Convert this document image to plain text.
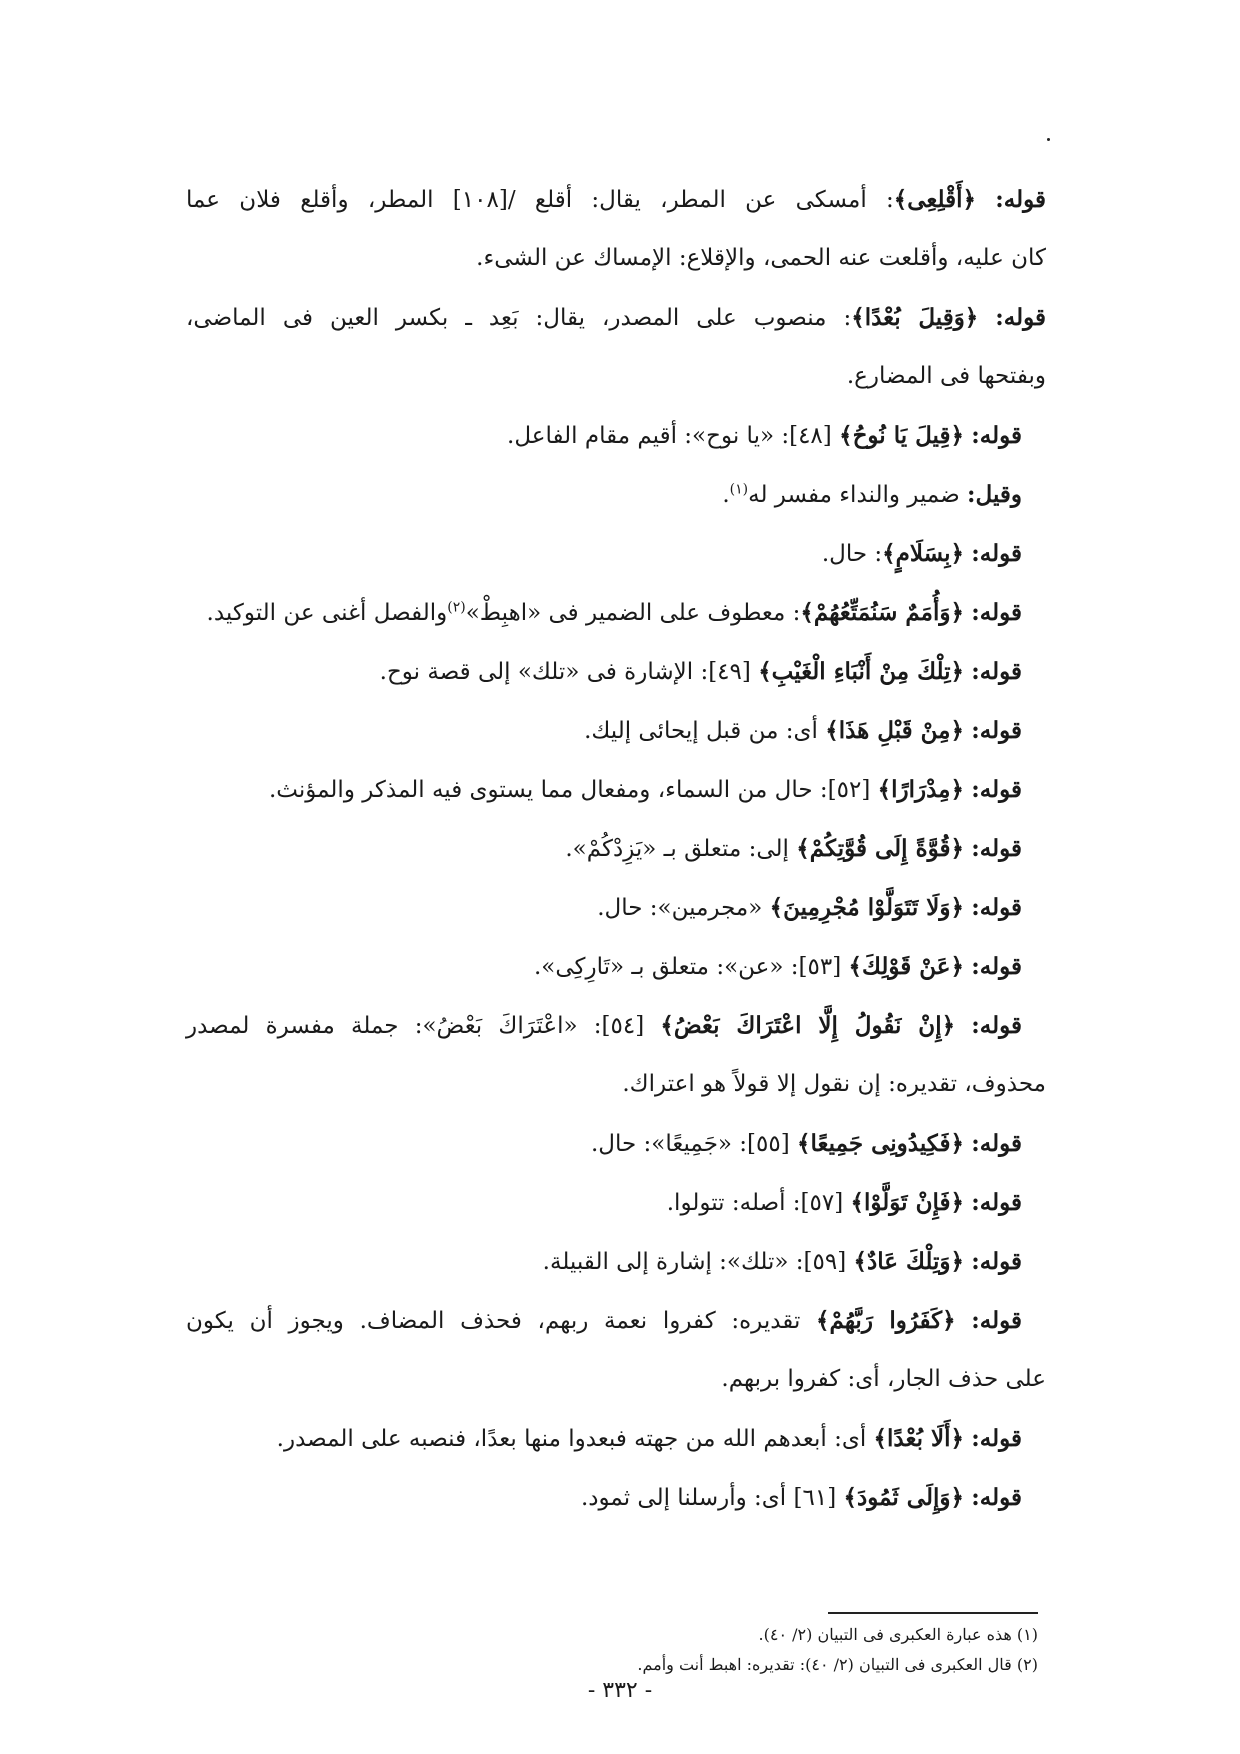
قوله: ﴿أَقْلِعِى﴾: أمسكى عن المطر، يقال: أقلع /[١٠٨] المطر، وأقلع فلان عما
كان عليه، وأقلعت عنه الحمى، والإقلاع: الإمساك عن الشىء.
قوله: ﴿وَقِيلَ بُعْدًا﴾: منصوب على المصدر، يقال: بَعِد ـ بكسر العين فى الماضى،
وبفتحها فى المضارع.
قوله: ﴿قِيلَ يَا نُوحُ﴾ [٤٨]: «يا نوح»: أقيم مقام الفاعل.
وقيل: ضمير والنداء مفسر له$^{(١)}$.
قوله: ﴿بِسَلَامٍ﴾: حال.
قوله: ﴿وَأُمَمٌ سَنُمَتِّعُهُمْ﴾: معطوف على الضمير فى «اهبِطْ»$^{(٢)}$والفصل أغنى عن التوكيد.
قوله: ﴿تِلْكَ مِنْ أَنْبَاءِ الْغَيْبِ﴾ [٤٩]: الإشارة فى «تلك» إلى قصة نوح.
قوله: ﴿مِنْ قَبْلِ هَذَا﴾ أى: من قبل إيحائى إليك.
قوله: ﴿مِدْرَارًا﴾ [٥٢]: حال من السماء، ومفعال مما يستوى فيه المذكر والمؤنث.
قوله: ﴿قُوَّةً إِلَى قُوَّتِكُمْ﴾ إلى: متعلق بـ «يَزِدْكُمْ».
قوله: ﴿وَلَا تَتَوَلَّوْا مُجْرِمِينَ﴾ «مجرمين»: حال.
قوله: ﴿عَنْ قَوْلِكَ﴾ [٥٣]: «عن»: متعلق بـ «تَارِكِى».
قوله: ﴿إِنْ نَقُولُ إِلَّا اعْتَرَاكَ بَعْضُ﴾ [٥٤]: «اعْتَرَاكَ بَعْضُ»: جملة مفسرة لمصدر
محذوف، تقديره: إن نقول إلا قولاً هو اعتراك.
قوله: ﴿فَكِيدُونِى جَمِيعًا﴾ [٥٥]: «جَمِيعًا»: حال.
قوله: ﴿فَإِنْ تَوَلَّوْا﴾ [٥٧]: أصله: تتولوا.
قوله: ﴿وَتِلْكَ عَادٌ﴾ [٥٩]: «تلك»: إشارة إلى القبيلة.
قوله: ﴿كَفَرُوا رَبَّهُمْ﴾ تقديره: كفروا نعمة ربهم، فحذف المضاف. ويجوز أن يكون
على حذف الجار، أى: كفروا بربهم.
قوله: ﴿أَلَا بُعْدًا﴾ أى: أبعدهم الله من جهته فبعدوا منها بعدًا، فنصبه على المصدر.
قوله: ﴿وَإِلَى ثَمُودَ﴾ [٦١] أى: وأرسلنا إلى ثمود.
(١) هذه عبارة العكبرى فى التبيان (٢/ ٤٠).
(٢) قال العكبرى فى التبيان (٢/ ٤٠): تقديره: اهبط أنت وأمم.
- ٣٣٢ -
